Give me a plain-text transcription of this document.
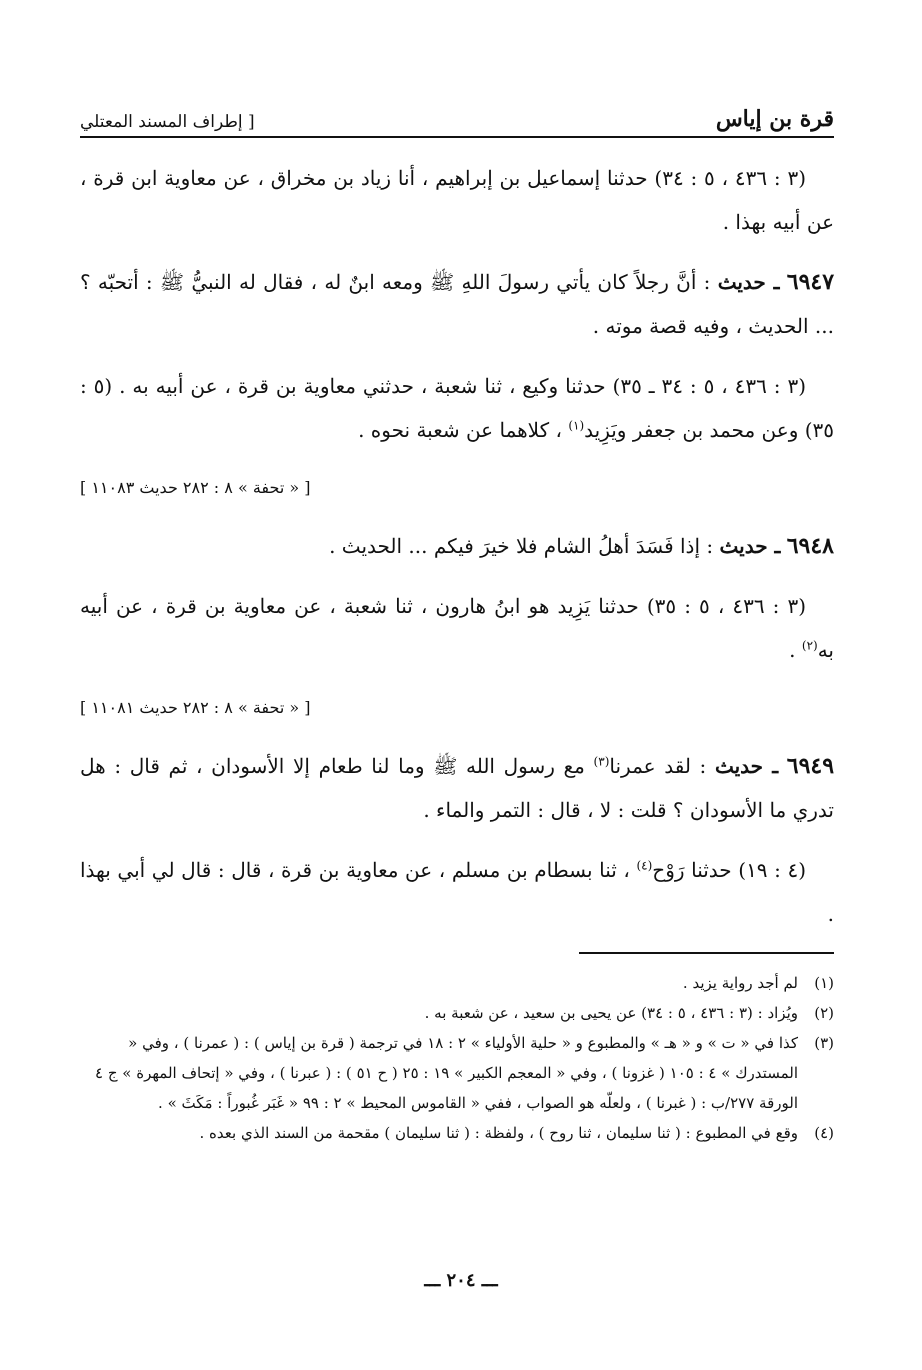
قرة بن إياس
[ إطراف المسند المعتلي

(٣ : ٤٣٦ ، ٥ : ٣٤) حدثنا إسماعيل بن إبراهيم ، أنا زياد بن مخراق ، عن معاوية ابن قرة ، عن أبيه بهذا .

٦٩٤٧ ـ حديث : أنَّ رجلاً كان يأتي رسولَ اللهِ ﷺ ومعه ابنٌ له ، فقال له النبيُّ ﷺ : أتحبّه ؟ ... الحديث ، وفيه قصة موته .

(٣ : ٤٣٦ ، ٥ : ٣٤ ـ ٣٥) حدثنا وكيع ، ثنا شعبة ، حدثني معاوية بن قرة ، عن أبيه به . (٥ : ٣٥) وعن محمد بن جعفر ويَزِيد$^{(١)}$ ، كلاهما عن شعبة نحوه .

[ « تحفة » ٨ : ٢٨٢ حديث ١١٠٨٣ ]

٦٩٤٨ ـ حديث : إذا فَسَدَ أهلُ الشام فلا خيرَ فيكم ... الحديث .

(٣ : ٤٣٦ ، ٥ : ٣٥) حدثنا يَزِيد هو ابنُ هارون ، ثنا شعبة ، عن معاوية بن قرة ، عن أبيه به$^{(٢)}$ .

[ « تحفة » ٨ : ٢٨٢ حديث ١١٠٨١ ]

٦٩٤٩ ـ حديث : لقد عمرنا$^{(٣)}$ مع رسول الله ﷺ وما لنا طعام إلا الأسودان ، ثم قال : هل تدري ما الأسودان ؟ قلت : لا ، قال : التمر والماء .

(٤ : ١٩) حدثنا رَوْح$^{(٤)}$ ، ثنا بسطام بن مسلم ، عن معاوية بن قرة ، قال : قال لي أبي بهذا .

(١)
لم أجد رواية يزيد .

(٢)
ويُزاد : (٣ : ٤٣٦ ، ٥ : ٣٤) عن يحيى بن سعيد ، عن شعبة به .

(٣)
كذا في « ت » و « هـ » والمطبوع و « حلية الأولياء » ٢ : ١٨ في ترجمة ( قرة بن إياس ) : ( عمرنا ) ، وفي « المستدرك » ٤ : ١٠٥ ( غزونا ) ، وفي « المعجم الكبير » ١٩ : ٢٥ ( ح ٥١ ) : ( عبرنا ) ، وفي « إتحاف المهرة » ج ٤ الورقة ٢٧٧/ب : ( غبرنا ) ، ولعلّه هو الصواب ، ففي « القاموس المحيط » ٢ : ٩٩ « غَبَر غُبوراً : مَكَثَ » .

(٤)
وقع في المطبوع : ( ثنا سليمان ، ثنا روح ) ، ولفظة : ( ثنا سليمان ) مقحمة من السند الذي بعده .

ـــ ٢٠٤ ـــ
